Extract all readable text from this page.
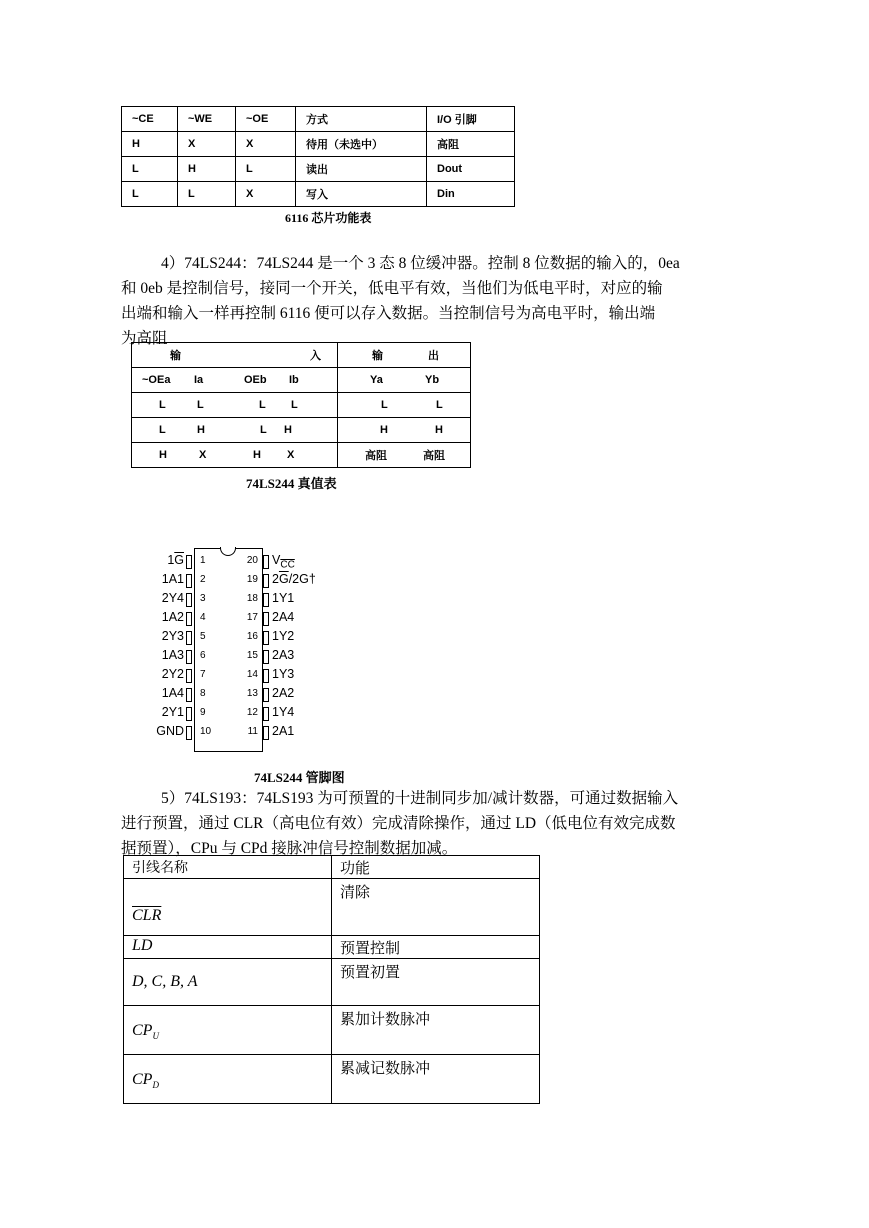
~CE	~WE	~OE	方式	I/O 引脚
H	X	X	待用（未选中）	高阻
L	H	L	读出	Dout
L	L	X	写入	Din
6116 芯片功能表
4）74LS244：74LS244 是一个 3 态 8 位缓冲器。控制 8 位数据的输入的，0ea
和 0eb 是控制信号，接同一个开关，低电平有效，当他们为低电平时，对应的输
出端和输入一样再控制 6116 便可以存入数据。当控制信号为高电平时，输出端
为高阻
输 入	输 出

~OEa Ia OEb Ib	Ya Yb

L L L L	L L

L H L H	H H

H X H X	高阻 高阻
74LS244 真值表
1
$1\overline{G}$
2
1A1
3
2Y4
4
1A2
5
2Y3
6
1A3
7
2Y2
8
1A4
9
2Y1
10
GND
20 $V_{\overline{CC}}$
19 $2\overline{G}/2G\dagger$
18 1Y1
17 2A4
16 1Y2
15 2A3
14 1Y3
13 2A2
12 1Y4
11 2A1
74LS244 管脚图
5）74LS193：74LS193 为可预置的十进制同步加/减计数器，可通过数据输入
进行预置，通过 CLR（高电位有效）完成清除操作，通过 LD（低电位有效完成数
据预置），CPu 与 CPd 接脉冲信号控制数据加减。
引线名称	功能
$\overline{CLR}$	清除
LD	预置控制
D, C, B, A	预置初置
$CP_U$	累加计数脉冲
$CP_D$	累减记数脉冲
